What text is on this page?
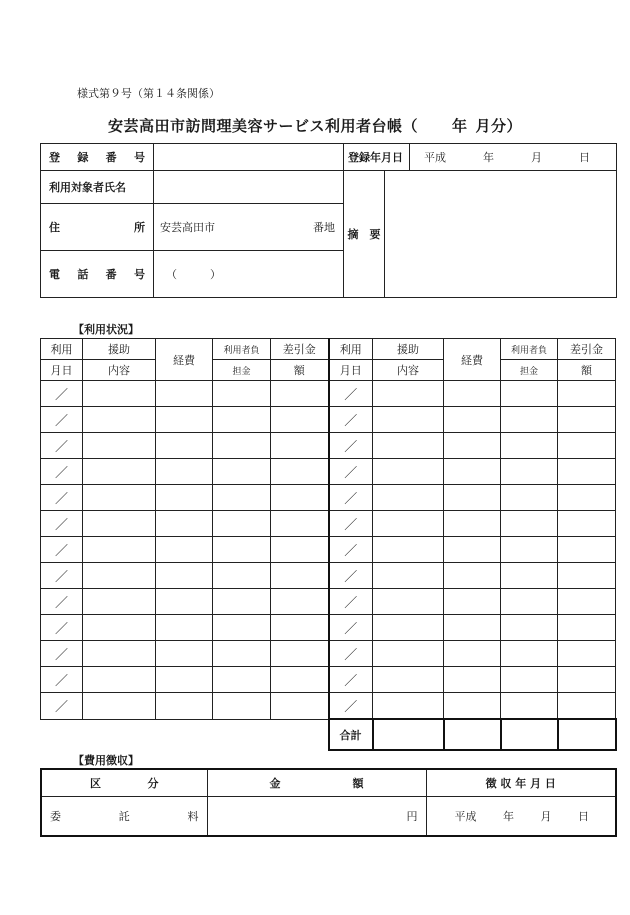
様式第９号（第１４条関係）
安芸高田市訪問理美容サービス利用者台帳（ 年 月分）
登 録 番 号		登録年月日		平成 年 月 日

利用対象者氏名		摘　要		

住 所	安芸高田市 番地			

電 話 番 号	（　　　）			
【利用状況】
利用	援助	経費	利用者負	差引金	利用	援助	経費	利用者負	差引金
月日	内容		担金	額	月日	内容		担金	額
／					／				
／					／				
／					／				
／					／				
／					／				
／					／				
／					／				
／					／				
／					／				
／					／				
／					／				
／					／				
／					／				
					合計				
【費用徴収】
区 分	金 額	徴 収 年 月 日

委 託 料	円	平成 年 月 日
